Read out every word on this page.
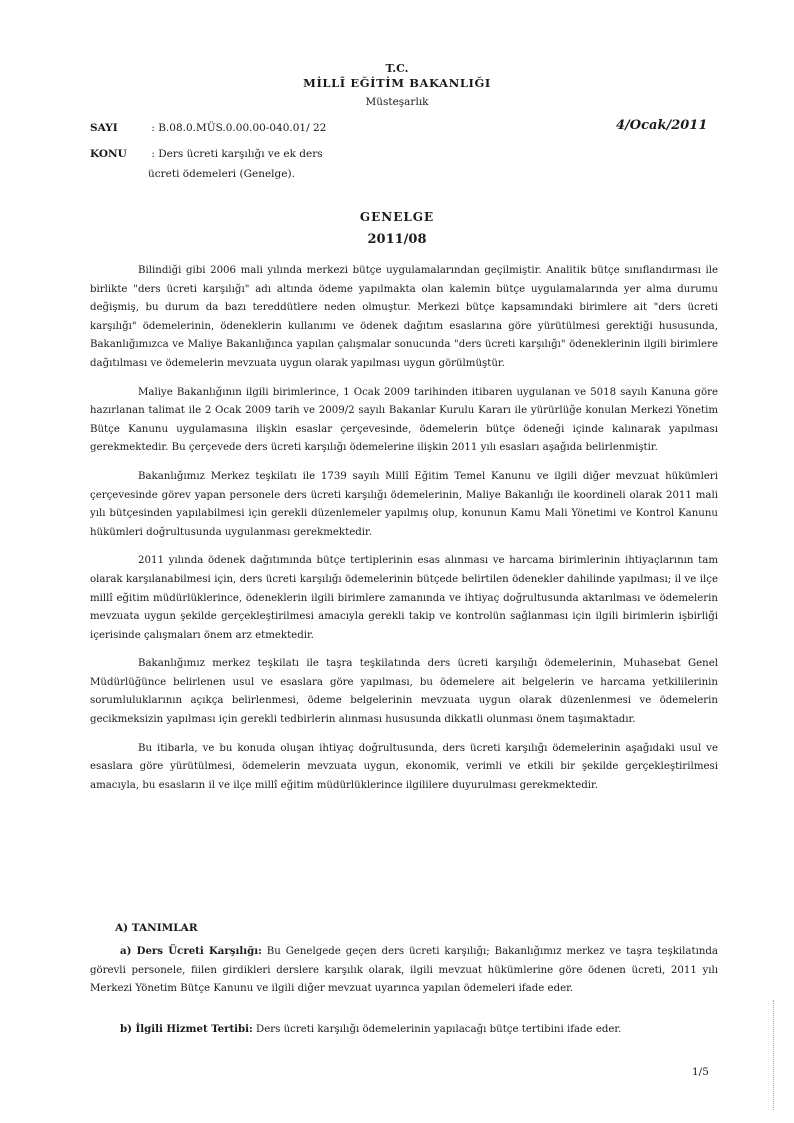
T.C.
MİLLÎ EĞİTİM BAKANLIĞI
Müsteşarlık
SAYI	: B.08.0.MÜS.0.00.00-040.01/ 22	4/Ocak/2011
KONU : Ders ücreti karşılığı ve ek ders
ücreti ödemeleri (Genelge).
GENELGE
2011/08

Bilindiği gibi 2006 mali yılında merkezi bütçe uygulamalarından geçilmiştir. Analitik bütçe sınıflandırması ile birlikte "ders ücreti karşılığı" adı altında ödeme yapılmakta olan kalemin bütçe uygulamalarında yer alma durumu değişmiş, bu durum da bazı tereddütlere neden olmuştur. Merkezi bütçe kapsamındaki birimlere ait "ders ücreti karşılığı" ödemelerinin, ödeneklerin kullanımı ve ödenek dağıtım esaslarına göre yürütülmesi gerektiği hususunda, Bakanlığımızca ve Maliye Bakanlığınca yapılan çalışmalar sonucunda "ders ücreti karşılığı" ödeneklerinin ilgili birimlere dağıtılması ve ödemelerin mevzuata uygun olarak yapılması uygun görülmüştür.

Maliye Bakanlığının ilgili birimlerince, 1 Ocak 2009 tarihinden itibaren uygulanan ve 5018 sayılı Kanuna göre hazırlanan talimat ile 2 Ocak 2009 tarih ve 2009/2 sayılı Bakanlar Kurulu Kararı ile yürürlüğe konulan Merkezi Yönetim Bütçe Kanunu uygulamasına ilişkin esaslar çerçevesinde, ödemelerin bütçe ödeneği içinde kalınarak yapılması gerekmektedir. Bu çerçevede ders ücreti karşılığı ödemelerine ilişkin 2011 yılı esasları aşağıda belirlenmiştir.

Bakanlığımız Merkez teşkilatı ile 1739 sayılı Millî Eğitim Temel Kanunu ve ilgili diğer mevzuat hükümleri çerçevesinde görev yapan personele ders ücreti karşılığı ödemelerinin, Maliye Bakanlığı ile koordineli olarak 2011 mali yılı bütçesinden yapılabilmesi için gerekli düzenlemeler yapılmış olup, konunun Kamu Mali Yönetimi ve Kontrol Kanunu hükümleri doğrultusunda uygulanması gerekmektedir.

2011 yılında ödenek dağıtımında bütçe tertiplerinin esas alınması ve harcama birimlerinin ihtiyaçlarının tam olarak karşılanabilmesi için, ders ücreti karşılığı ödemelerinin bütçede belirtilen ödenekler dahilinde yapılması; il ve ilçe millî eğitim müdürlüklerince, ödeneklerin ilgili birimlere zamanında ve ihtiyaç doğrultusunda aktarılması ve ödemelerin mevzuata uygun şekilde gerçekleştirilmesi amacıyla gerekli takip ve kontrolün sağlanması için ilgili birimlerin işbirliği içerisinde çalışmaları önem arz etmektedir.

Bakanlığımız merkez teşkilatı ile taşra teşkilatında ders ücreti karşılığı ödemelerinin, Muhasebat Genel Müdürlüğünce belirlenen usul ve esaslara göre yapılması, bu ödemelere ait belgelerin ve harcama yetkililerinin sorumluluklarının açıkça belirlenmesi, ödeme belgelerinin mevzuata uygun olarak düzenlenmesi ve ödemelerin gecikmeksizin yapılması için gerekli tedbirlerin alınması hususunda dikkatli olunması önem taşımaktadır.

Bu itibarla, ve bu konuda oluşan ihtiyaç doğrultusunda, ders ücreti karşılığı ödemelerinin aşağıdaki usul ve esaslara göre yürütülmesi, ödemelerin mevzuata uygun, ekonomik, verimli ve etkili bir şekilde gerçekleştirilmesi amacıyla, bu esasların il ve ilçe millî eğitim müdürlüklerince ilgililere duyurulması gerekmektedir.

A) TANIMLAR
a) Ders Ücreti Karşılığı: Bu Genelgede geçen ders ücreti karşılığı; Bakanlığımız merkez ve taşra teşkilatında görevli personele, fiilen girdikleri derslere karşılık olarak, ilgili mevzuat hükümlerine göre ödenen ücreti, 2011 yılı Merkezi Yönetim Bütçe Kanunu ve ilgili diğer mevzuat uyarınca yapılan ödemeleri ifade eder.
b) İlgili Hizmet Tertibi: Ders ücreti karşılığı ödemelerinin yapılacağı bütçe tertibini ifade eder.
1/5
